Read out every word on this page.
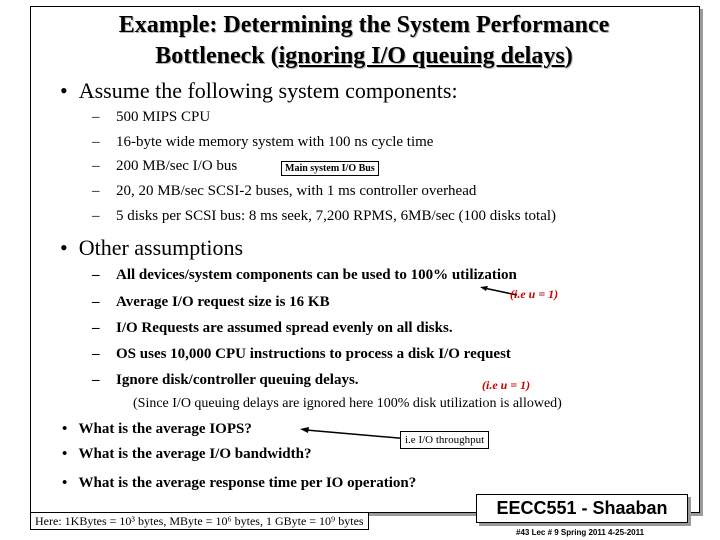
Example: Determining the System Performance
Bottleneck (ignoring I/O queuing delays)
• Assume the following system components:
– 500 MIPS CPU
– 16-byte wide memory system with 100 ns cycle time
– 200 MB/sec I/O bus	Main system I/O Bus
– 20, 20 MB/sec SCSI-2 buses, with 1 ms controller overhead
– 5 disks per SCSI bus: 8 ms seek, 7,200 RPMS, 6MB/sec (100 disks total)
• Other assumptions
– All devices/system components can be used to 100% utilization
(i.e u = 1)
– Average I/O request size is 16 KB
– I/O Requests are assumed spread evenly on all disks.
– OS uses 10,000 CPU instructions to process a disk I/O request
– Ignore disk/controller queuing delays.	(i.e u = 1)
(Since I/O queuing delays are ignored here 100% disk utilization is allowed)
• What is the average IOPS?
• What is the average I/O bandwidth?
i.e I/O throughput
• What is the average response time per IO operation?
Here: 1KBytes = 10³ bytes, MByte = 10⁶ bytes, 1 GByte = 10⁹ bytes
EECC551 - Shaaban
#43 Lec # 9 Spring 2011 4-25-2011
